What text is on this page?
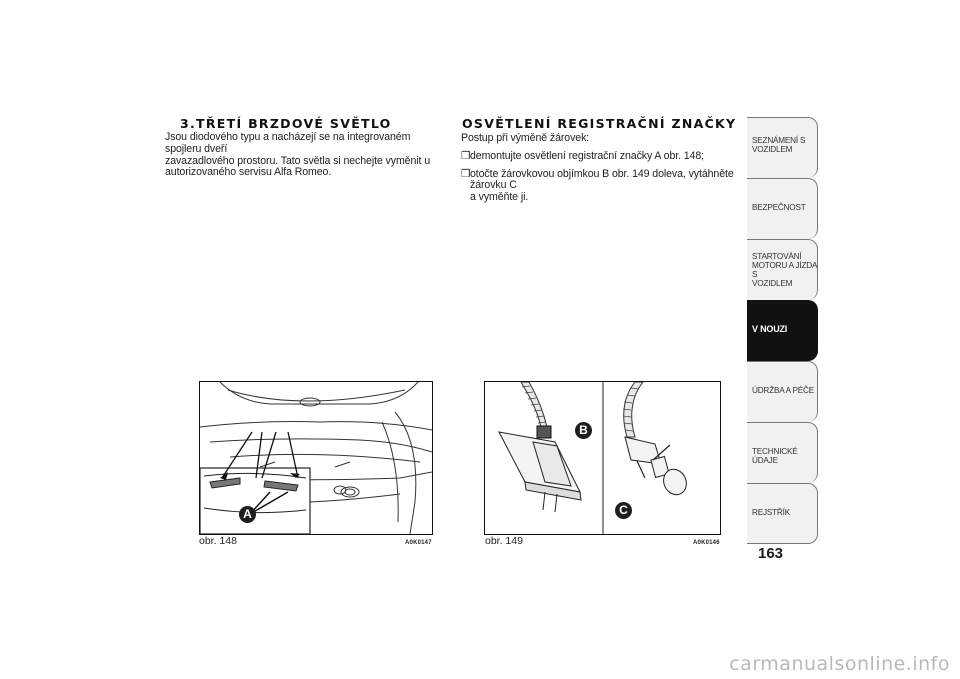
3.TŘETÍ BRZDOVÉ SVĚTLO
Jsou diodového typu a nacházejí se na integrovaném spojleru dveří
zavazadlového prostoru. Tato světla si nechejte vyměnit u
autorizovaného servisu Alfa Romeo.
OSVĚTLENÍ REGISTRAČNÍ ZNAČKY
Postup při výměně žárovek:
❒ demontujte osvětlení registrační značky A obr. 148;
❒ otočte žárovkovou objímkou B obr. 149 doleva, vytáhněte žárovku C
a vyměňte ji.
A
obr. 148	A0K0147
B
C
obr. 149	A0K0146
SEZNÁMENÍ S
VOZIDLEM
BEZPEČNOST
STARTOVÁNÍ
MOTORU A JÍZDA S
VOZIDLEM
V NOUZI
ÚDRŽBA A PÉČE
TECHNICKÉ ÚDAJE
REJSTŘÍK
163
carmanualsonline.info
